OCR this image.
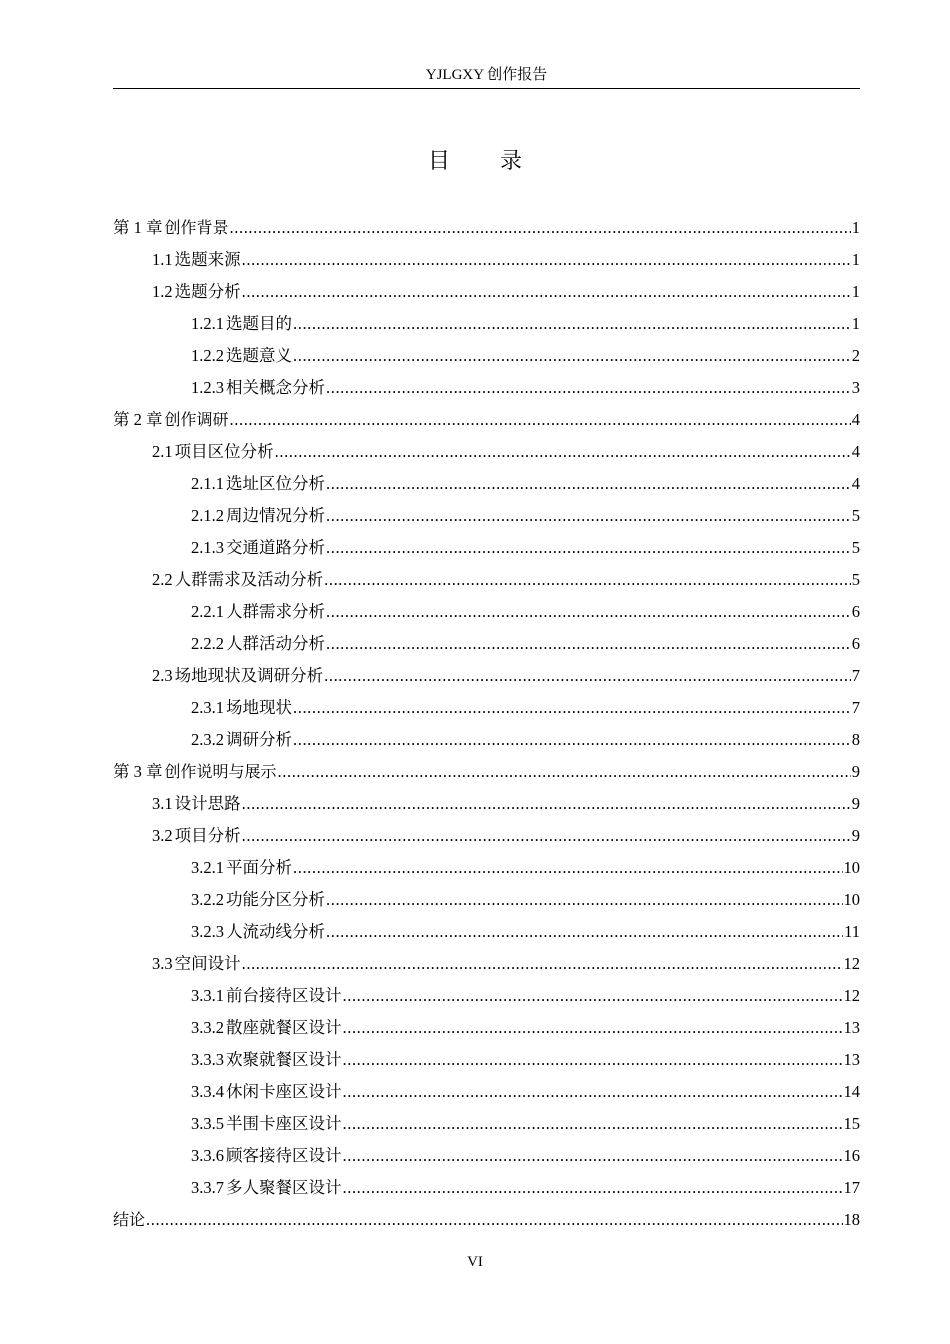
YJLGXY 创作报告
目 录
第 1 章 创作背景 .....	1
1.1 选题来源 .....	1
1.2 选题分析 .....	1
1.2.1 选题目的 .....	1
1.2.2 选题意义 .....	2
1.2.3 相关概念分析 .....	3
第 2 章 创作调研 .....	4
2.1 项目区位分析 .....	4
2.1.1 选址区位分析 .....	4
2.1.2 周边情况分析 .....	5
2.1.3 交通道路分析 .....	5
2.2 人群需求及活动分析 .....	5
2.2.1 人群需求分析 .....	6
2.2.2 人群活动分析 .....	6
2.3 场地现状及调研分析 .....	7
2.3.1 场地现状 .....	7
2.3.2 调研分析 .....	8
第 3 章 创作说明与展示 .....	9
3.1 设计思路 .....	9
3.2 项目分析 .....	9
3.2.1 平面分析 .....	10
3.2.2 功能分区分析 .....	10
3.2.3 人流动线分析 .....	11
3.3 空间设计 .....	12
3.3.1 前台接待区设计 .....	12
3.3.2 散座就餐区设计 .....	13
3.3.3 欢聚就餐区设计 .....	13
3.3.4 休闲卡座区设计 .....	14
3.3.5 半围卡座区设计 .....	15
3.3.6 顾客接待区设计 .....	16
3.3.7 多人聚餐区设计 .....	17
结论 .....	18
VI
